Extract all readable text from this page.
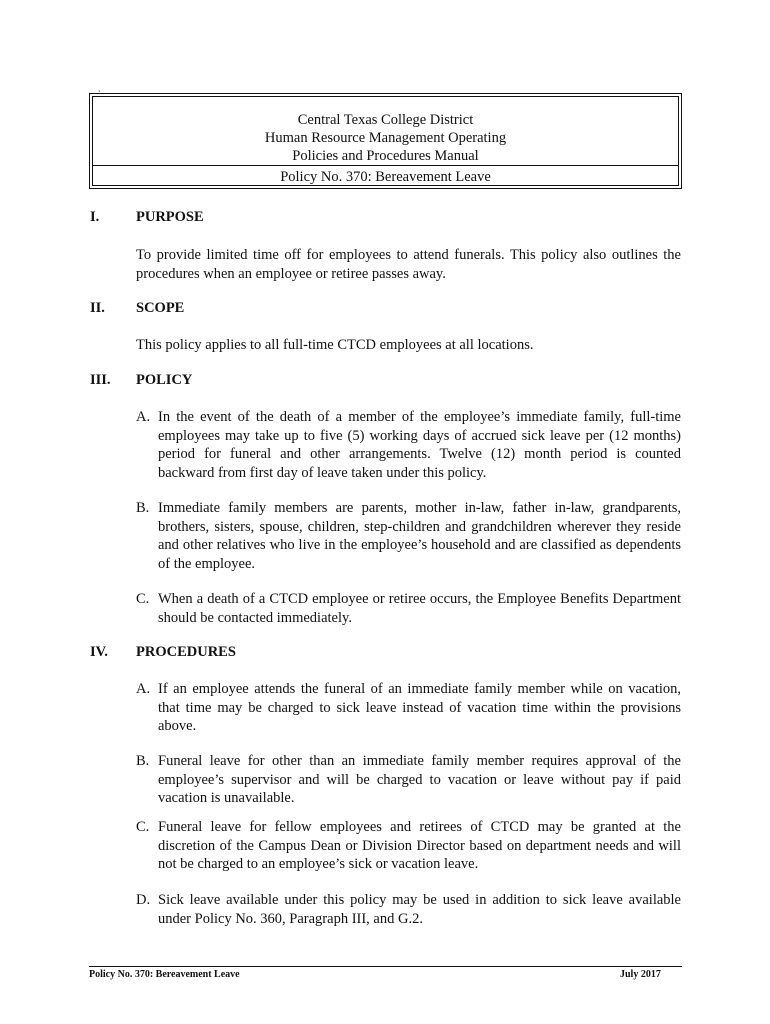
`
Central Texas College District
Human Resource Management Operating
Policies and Procedures Manual
Policy No. 370: Bereavement Leave
I.	PURPOSE
To provide limited time off for employees to attend funerals. This policy also outlines the procedures when an employee or retiree passes away.
II. SCOPE
This policy applies to all full-time CTCD employees at all locations.
III. POLICY
A. In the event of the death of a member of the employee’s immediate family, full-time employees may take up to five (5) working days of accrued sick leave per (12 months) period for funeral and other arrangements. Twelve (12) month period is counted backward from first day of leave taken under this policy.
B. Immediate family members are parents, mother in-law, father in-law, grandparents, brothers, sisters, spouse, children, step-children and grandchildren wherever they reside and other relatives who live in the employee’s household and are classified as dependents of the employee.
C. When a death of a CTCD employee or retiree occurs, the Employee Benefits Department should be contacted immediately.
IV. PROCEDURES
A. If an employee attends the funeral of an immediate family member while on vacation, that time may be charged to sick leave instead of vacation time within the provisions above.
B. Funeral leave for other than an immediate family member requires approval of the employee’s supervisor and will be charged to vacation or leave without pay if paid vacation is unavailable.
C. Funeral leave for fellow employees and retirees of CTCD may be granted at the discretion of the Campus Dean or Division Director based on department needs and will not be charged to an employee’s sick or vacation leave.
D. Sick leave available under this policy may be used in addition to sick leave available under Policy No. 360, Paragraph III, and G.2.
Policy No. 370: Bereavement Leave	July 2017
